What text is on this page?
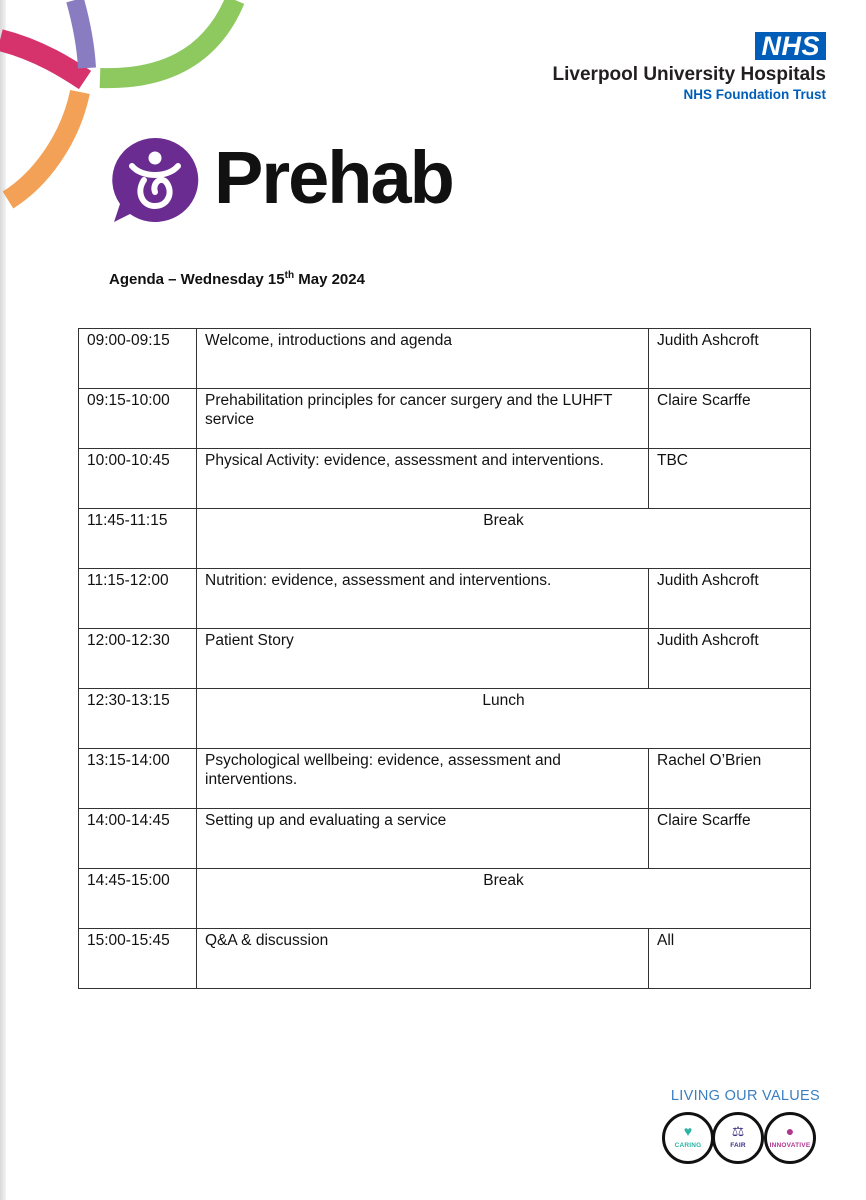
NHS
Liverpool University Hospitals
NHS Foundation Trust
Prehab
Agenda – Wednesday 15th May 2024
09:00-09:15	Welcome, introductions and agenda	Judith Ashcroft
09:15-10:00	Prehabilitation principles for cancer surgery and the LUHFT service	Claire Scarffe
10:00-10:45	Physical Activity: evidence, assessment and interventions.	TBC
11:45-11:15	Break	
11:15-12:00	Nutrition: evidence, assessment and interventions.	Judith Ashcroft
12:00-12:30	Patient Story	Judith Ashcroft
12:30-13:15	Lunch	
13:15-14:00	Psychological wellbeing: evidence, assessment and interventions.	Rachel O’Brien
14:00-14:45	Setting up and evaluating a service	Claire Scarffe
14:45-15:00	Break	
15:00-15:45	Q&A & discussion	All
LIVING OUR VALUES
♥
CARING
⚖
FAIR
●
INNOVATIVE
